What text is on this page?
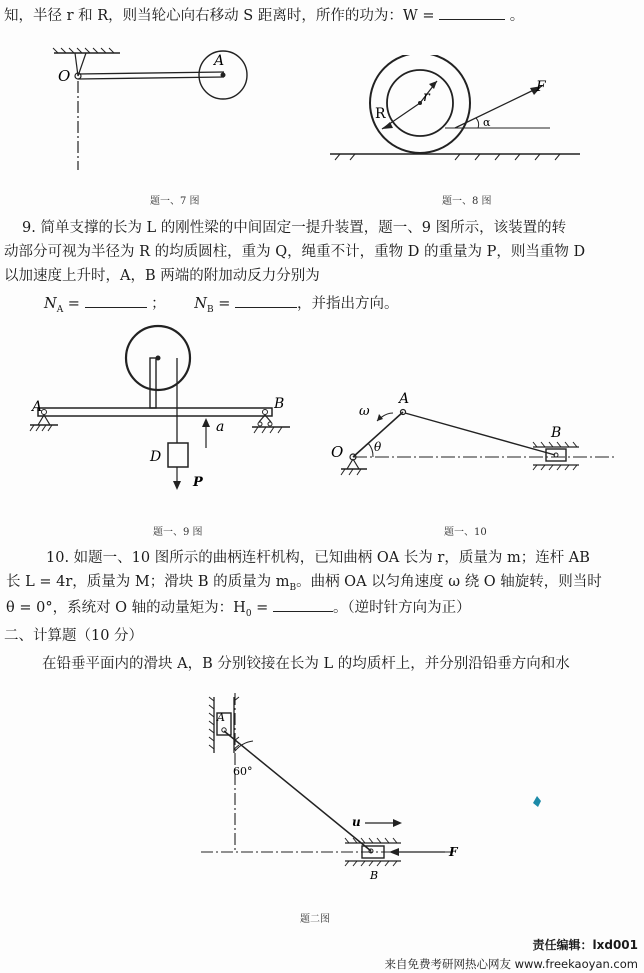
知，半径 r 和 R，则当轮心向右移动 S 距离时，所作的功为：W =	。
O
A
题一、7 图
R
r
F
α
题一、8 图
9. 简单支撑的长为 L 的刚性梁的中间固定一提升装置，题一、9 图所示，该装置的转
动部分可视为半径为 R 的均质圆柱，重为 Q，绳重不计，重物 D 的重量为 P，则当重物 D
以加速度上升时，A，B 两端的附加动反力分别为
$N_A$ =	； $N_B$ =	，并指出方向。
A	B
D
P
a
题一、9 图
O
A
B
ω
θ
题一、10
10. 如题一、10 图所示的曲柄连杆机构，已知曲柄 OA 长为 r，质量为 m；连杆 AB
长 L = 4r，质量为 M；滑块 B 的质量为 $m_B$。曲柄 OA 以匀角速度 ω 绕 O 轴旋转，则当时
θ = 0°，系统对 O 轴的动量矩为：$H_0$ =	。（逆时针方向为正）
二、计算题（10 分）
在铅垂平面内的滑块 A，B 分别铰接在长为 L 的均质杆上，并分别沿铅垂方向和水
A
B
60°
u
F
题二图
责任编辑：lxd001
来自免费考研网热心网友 www.freekaoyan.com
